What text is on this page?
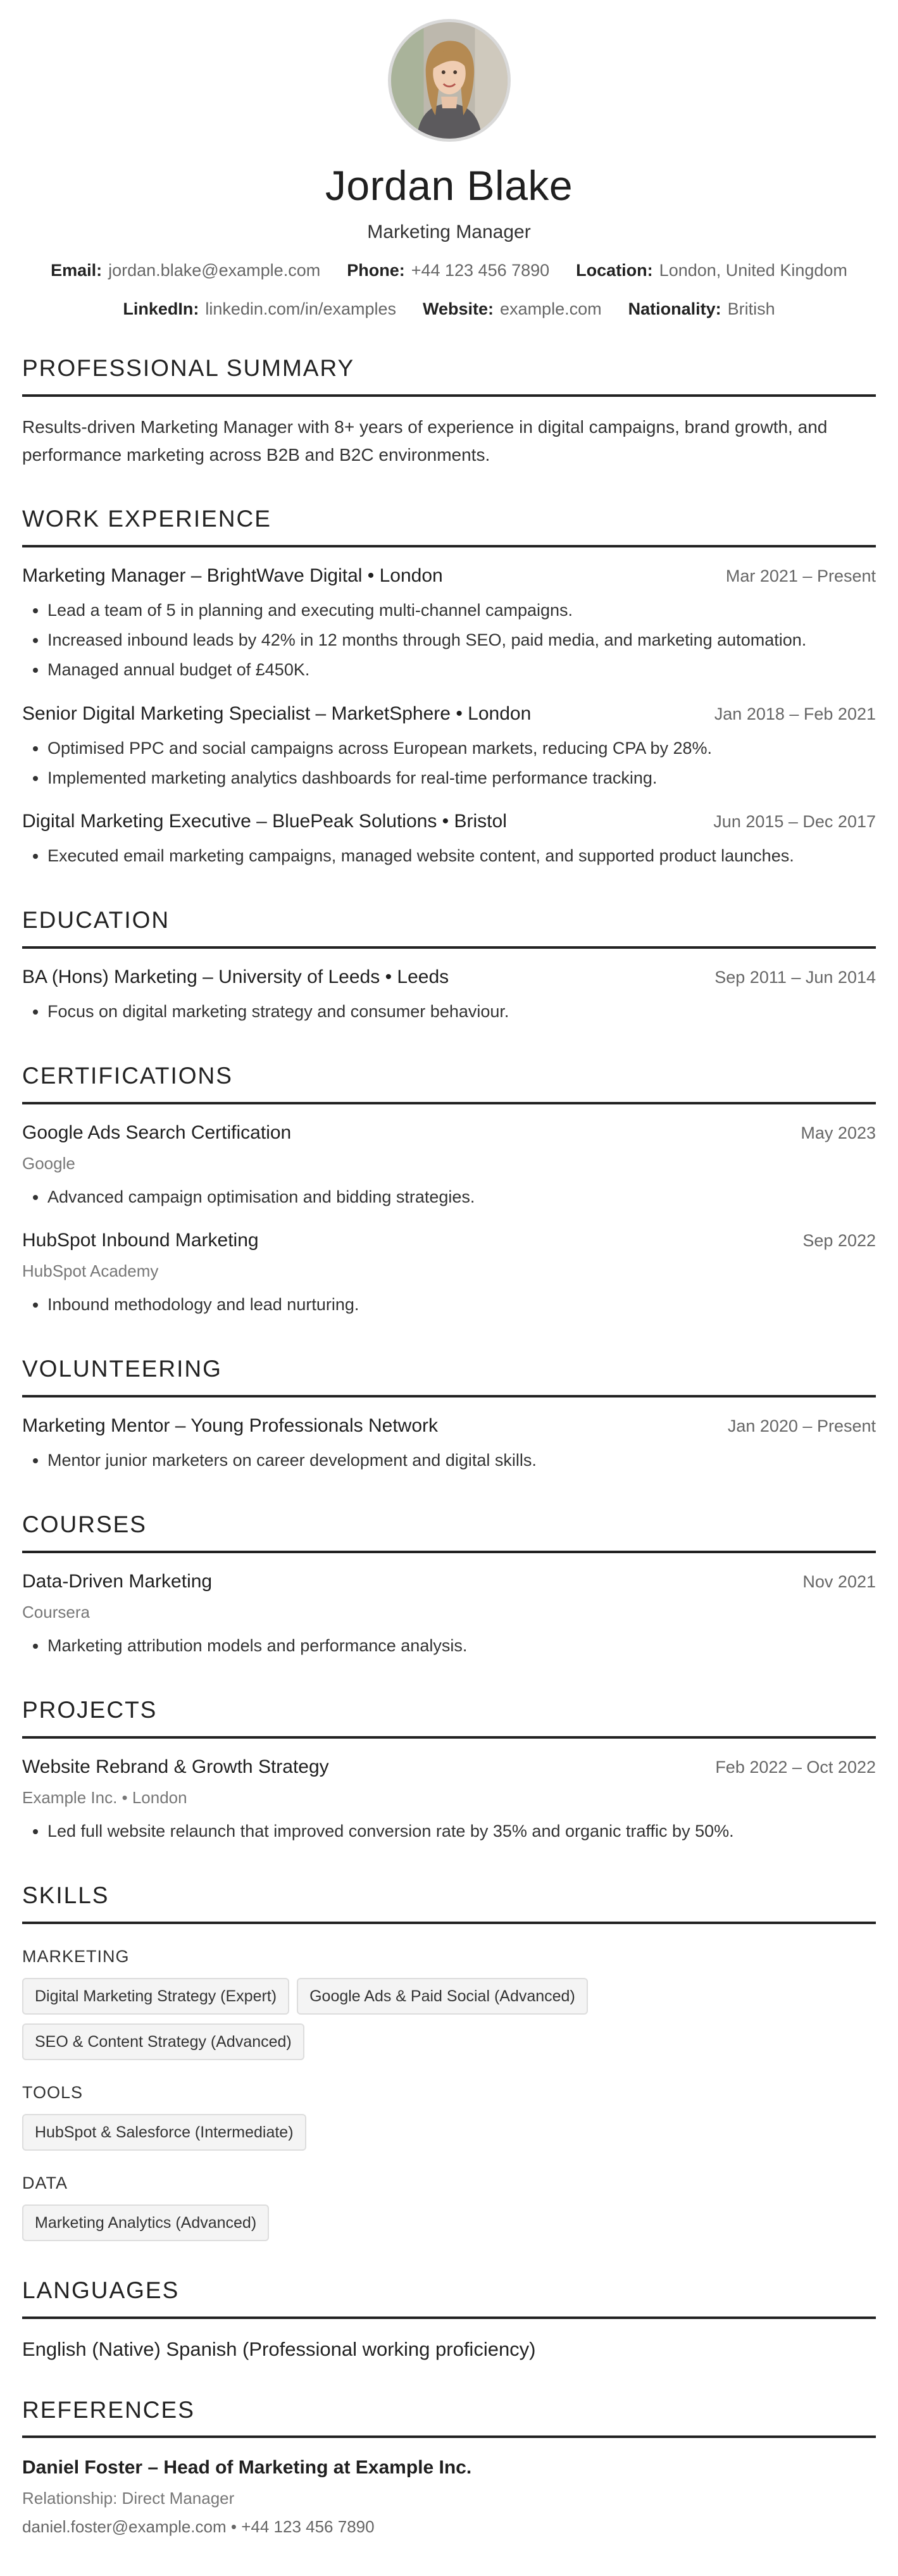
Jordan Blake
Marketing Manager
Email: jordan.blake@example.com Phone: +44 123 456 7890 Location: London, United Kingdom
LinkedIn: linkedin.com/in/examples Website: example.com Nationality: British
PROFESSIONAL SUMMARY
Results-driven Marketing Manager with 8+ years of experience in digital campaigns, brand growth, and performance marketing across B2B and B2C environments.
WORK EXPERIENCE
Marketing Manager – BrightWave Digital • London	Mar 2021 – Present
• Lead a team of 5 in planning and executing multi-channel campaigns.
• Increased inbound leads by 42% in 12 months through SEO, paid media, and marketing automation.
• Managed annual budget of £450K.
Senior Digital Marketing Specialist – MarketSphere • London	Jan 2018 – Feb 2021
• Optimised PPC and social campaigns across European markets, reducing CPA by 28%.
• Implemented marketing analytics dashboards for real-time performance tracking.
Digital Marketing Executive – BluePeak Solutions • Bristol	Jun 2015 – Dec 2017
• Executed email marketing campaigns, managed website content, and supported product launches.
EDUCATION
BA (Hons) Marketing – University of Leeds • Leeds	Sep 2011 – Jun 2014
• Focus on digital marketing strategy and consumer behaviour.
CERTIFICATIONS
Google Ads Search Certification	May 2023
Google
• Advanced campaign optimisation and bidding strategies.
HubSpot Inbound Marketing	Sep 2022
HubSpot Academy
• Inbound methodology and lead nurturing.
VOLUNTEERING
Marketing Mentor – Young Professionals Network	Jan 2020 – Present
• Mentor junior marketers on career development and digital skills.
COURSES
Data-Driven Marketing	Nov 2021
Coursera
• Marketing attribution models and performance analysis.
PROJECTS
Website Rebrand & Growth Strategy	Feb 2022 – Oct 2022
Example Inc. • London
• Led full website relaunch that improved conversion rate by 35% and organic traffic by 50%.
SKILLS
MARKETING
Digital Marketing Strategy (Expert)	Google Ads & Paid Social (Advanced)
SEO & Content Strategy (Advanced)
TOOLS
HubSpot & Salesforce (Intermediate)
DATA
Marketing Analytics (Advanced)
LANGUAGES
English (Native) Spanish (Professional working proficiency)
REFERENCES
Daniel Foster – Head of Marketing at Example Inc.
Relationship: Direct Manager
daniel.foster@example.com • +44 123 456 7890
